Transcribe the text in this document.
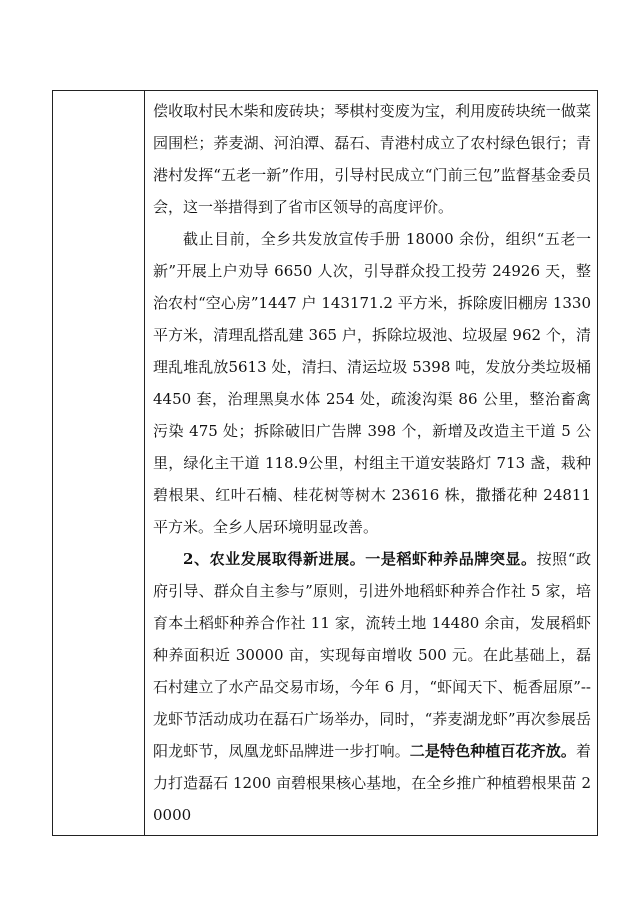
偿收取村民木柴和废砖块；琴棋村变废为宝，利用废砖块统一做菜园围栏；荞麦湖、河泊潭、磊石、青港村成立了农村绿色银行；青港村发挥“五老一新”作用，引导村民成立“门前三包”监督基金委员会，这一举措得到了省市区领导的高度评价。

截止目前，全乡共发放宣传手册 18000 余份，组织“五老一新”开展上户劝导 6650 人次，引导群众投工投劳 24926 天，整治农村“空心房”1447 户 143171.2 平方米，拆除废旧棚房 1330 平方米，清理乱搭乱建 365 户，拆除垃圾池、垃圾屋 962 个，清理乱堆乱放5613 处，清扫、清运垃圾 5398 吨，发放分类垃圾桶 4450 套，治理黑臭水体 254 处，疏浚沟渠 86 公里，整治畜禽污染 475 处；拆除破旧广告牌 398 个，新增及改造主干道 5 公里，绿化主干道 118.9公里，村组主干道安装路灯 713 盏，栽种碧根果、红叶石楠、桂花树等树木 23616 株，撒播花种 24811 平方米。全乡人居环境明显改善。

2、农业发展取得新进展。一是稻虾种养品牌突显。按照“政府引导、群众自主参与”原则，引进外地稻虾种养合作社 5 家，培育本土稻虾种养合作社 11 家，流转土地 14480 余亩，发展稻虾种养面积近 30000 亩，实现每亩增收 500 元。在此基础上，磊石村建立了水产品交易市场，今年 6 月，“虾闻天下、栀香屈原”--龙虾节活动成功在磊石广场举办，同时，“荞麦湖龙虾”再次参展岳阳龙虾节，凤凰龙虾品牌进一步打响。二是特色种植百花齐放。着力打造磊石 1200 亩碧根果核心基地，在全乡推广种植碧根果苗 20000
